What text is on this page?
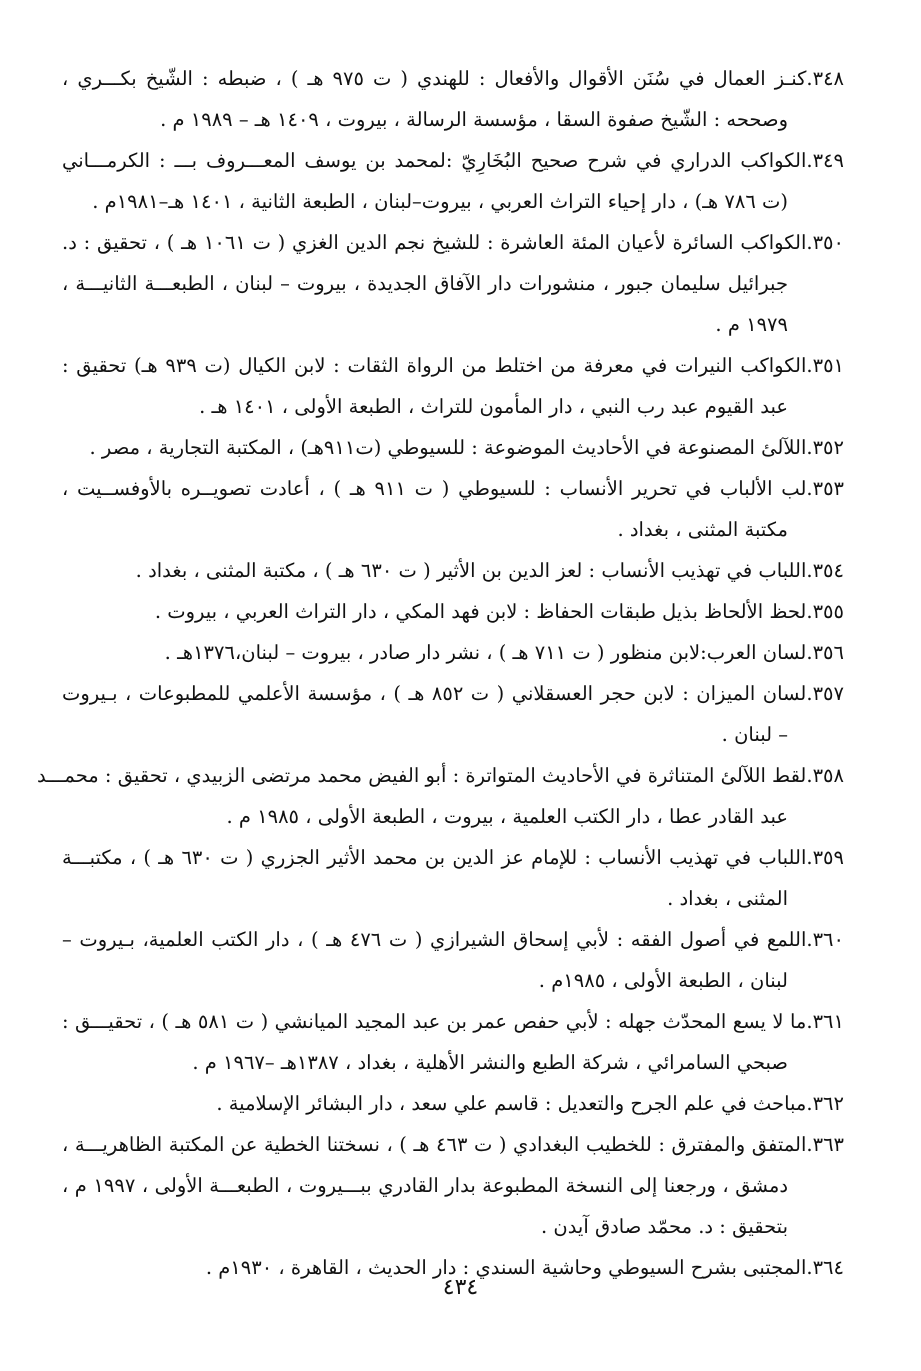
٣٤٨.كنـز العمال في سُنَن الأقوال والأفعال : للهندي ( ت ٩٧٥ هـ ) ، ضبطه : الشّيخ بكـــري ،
وصححه : الشّيخ صفوة السقا ، مؤسسة الرسالة ، بيروت ، ١٤٠٩ هـ – ١٩٨٩ م .
٣٤٩.الكواكب الدراري في شرح صحيح البُخَارِيّ :لمحمد بن يوسف المعـــروف بـــ : الكرمـــاني
(ت ٧٨٦ هـ) ، دار إحياء التراث العربي ، بيروت–لبنان ، الطبعة الثانية ، ١٤٠١ هـ–١٩٨١م .
٣٥٠.الكواكب السائرة لأعيان المئة العاشرة : للشيخ نجم الدين الغزي ( ت ١٠٦١ هـ ) ، تحقيق : د.
جبرائيل سليمان جبور ، منشورات دار الآفاق الجديدة ، بيروت – لبنان ، الطبعـــة الثانيـــة ،
١٩٧٩ م .
٣٥١.الكواكب النيرات في معرفة من اختلط من الرواة الثقات : لابن الكيال (ت ٩٣٩ هـ) تحقيق :
عبد القيوم عبد رب النبي ، دار المأمون للتراث ، الطبعة الأولى ، ١٤٠١ هـ .
٣٥٢.اللآلئ المصنوعة في الأحاديث الموضوعة : للسيوطي (ت٩١١هـ) ، المكتبة التجارية ، مصر .
٣٥٣.لب الألباب في تحرير الأنساب : للسيوطي ( ت ٩١١ هـ ) ، أعادت تصويــره بالأوفســيت ،
مكتبة المثنى ، بغداد .
٣٥٤.اللباب في تهذيب الأنساب : لعز الدين بن الأثير ( ت ٦٣٠ هـ ) ، مكتبة المثنى ، بغداد .
٣٥٥.لحظ الألحاظ بذيل طبقات الحفاظ : لابن فهد المكي ، دار التراث العربي ، بيروت .
٣٥٦.لسان العرب:لابن منظور ( ت ٧١١ هـ ) ، نشر دار صادر ، بيروت – لبنان،١٣٧٦هـ .
٣٥٧.لسان الميزان : لابن حجر العسقلاني ( ت ٨٥٢ هـ ) ، مؤسسة الأعلمي للمطبوعات ، بـيروت
– لبنان .
٣٥٨.لقط اللآلئ المتناثرة في الأحاديث المتواترة : أبو الفيض محمد مرتضى الزبيدي ، تحقيق : محمـــد
عبد القادر عطا ، دار الكتب العلمية ، بيروت ، الطبعة الأولى ، ١٩٨٥ م .
٣٥٩.اللباب في تهذيب الأنساب : للإمام عز الدين بن محمد الأثير الجزري ( ت ٦٣٠ هـ ) ، مكتبـــة
المثنى ، بغداد .
٣٦٠.اللمع في أصول الفقه : لأبي إسحاق الشيرازي ( ت ٤٧٦ هـ ) ، دار الكتب العلمية، بـيروت –
لبنان ، الطبعة الأولى ، ١٩٨٥م .
٣٦١.ما لا يسع المحدّث جهله : لأبي حفص عمر بن عبد المجيد الميانشي ( ت ٥٨١ هـ ) ، تحقيـــق :
صبحي السامرائي ، شركة الطبع والنشر الأهلية ، بغداد ، ١٣٨٧هـ –١٩٦٧ م .
٣٦٢.مباحث في علم الجرح والتعديل : قاسم علي سعد ، دار البشائر الإسلامية .
٣٦٣.المتفق والمفترق : للخطيب البغدادي ( ت ٤٦٣ هـ ) ، نسختنا الخطية عن المكتبة الظاهريـــة ،
دمشق ، ورجعنا إلى النسخة المطبوعة بدار القادري ببـــيروت ، الطبعـــة الأولى ، ١٩٩٧ م ،
بتحقيق : د. محمّد صادق آيدن .
٣٦٤.المجتبى بشرح السيوطي وحاشية السندي : دار الحديث ، القاهرة ، ١٩٣٠م .
٤٣٤
